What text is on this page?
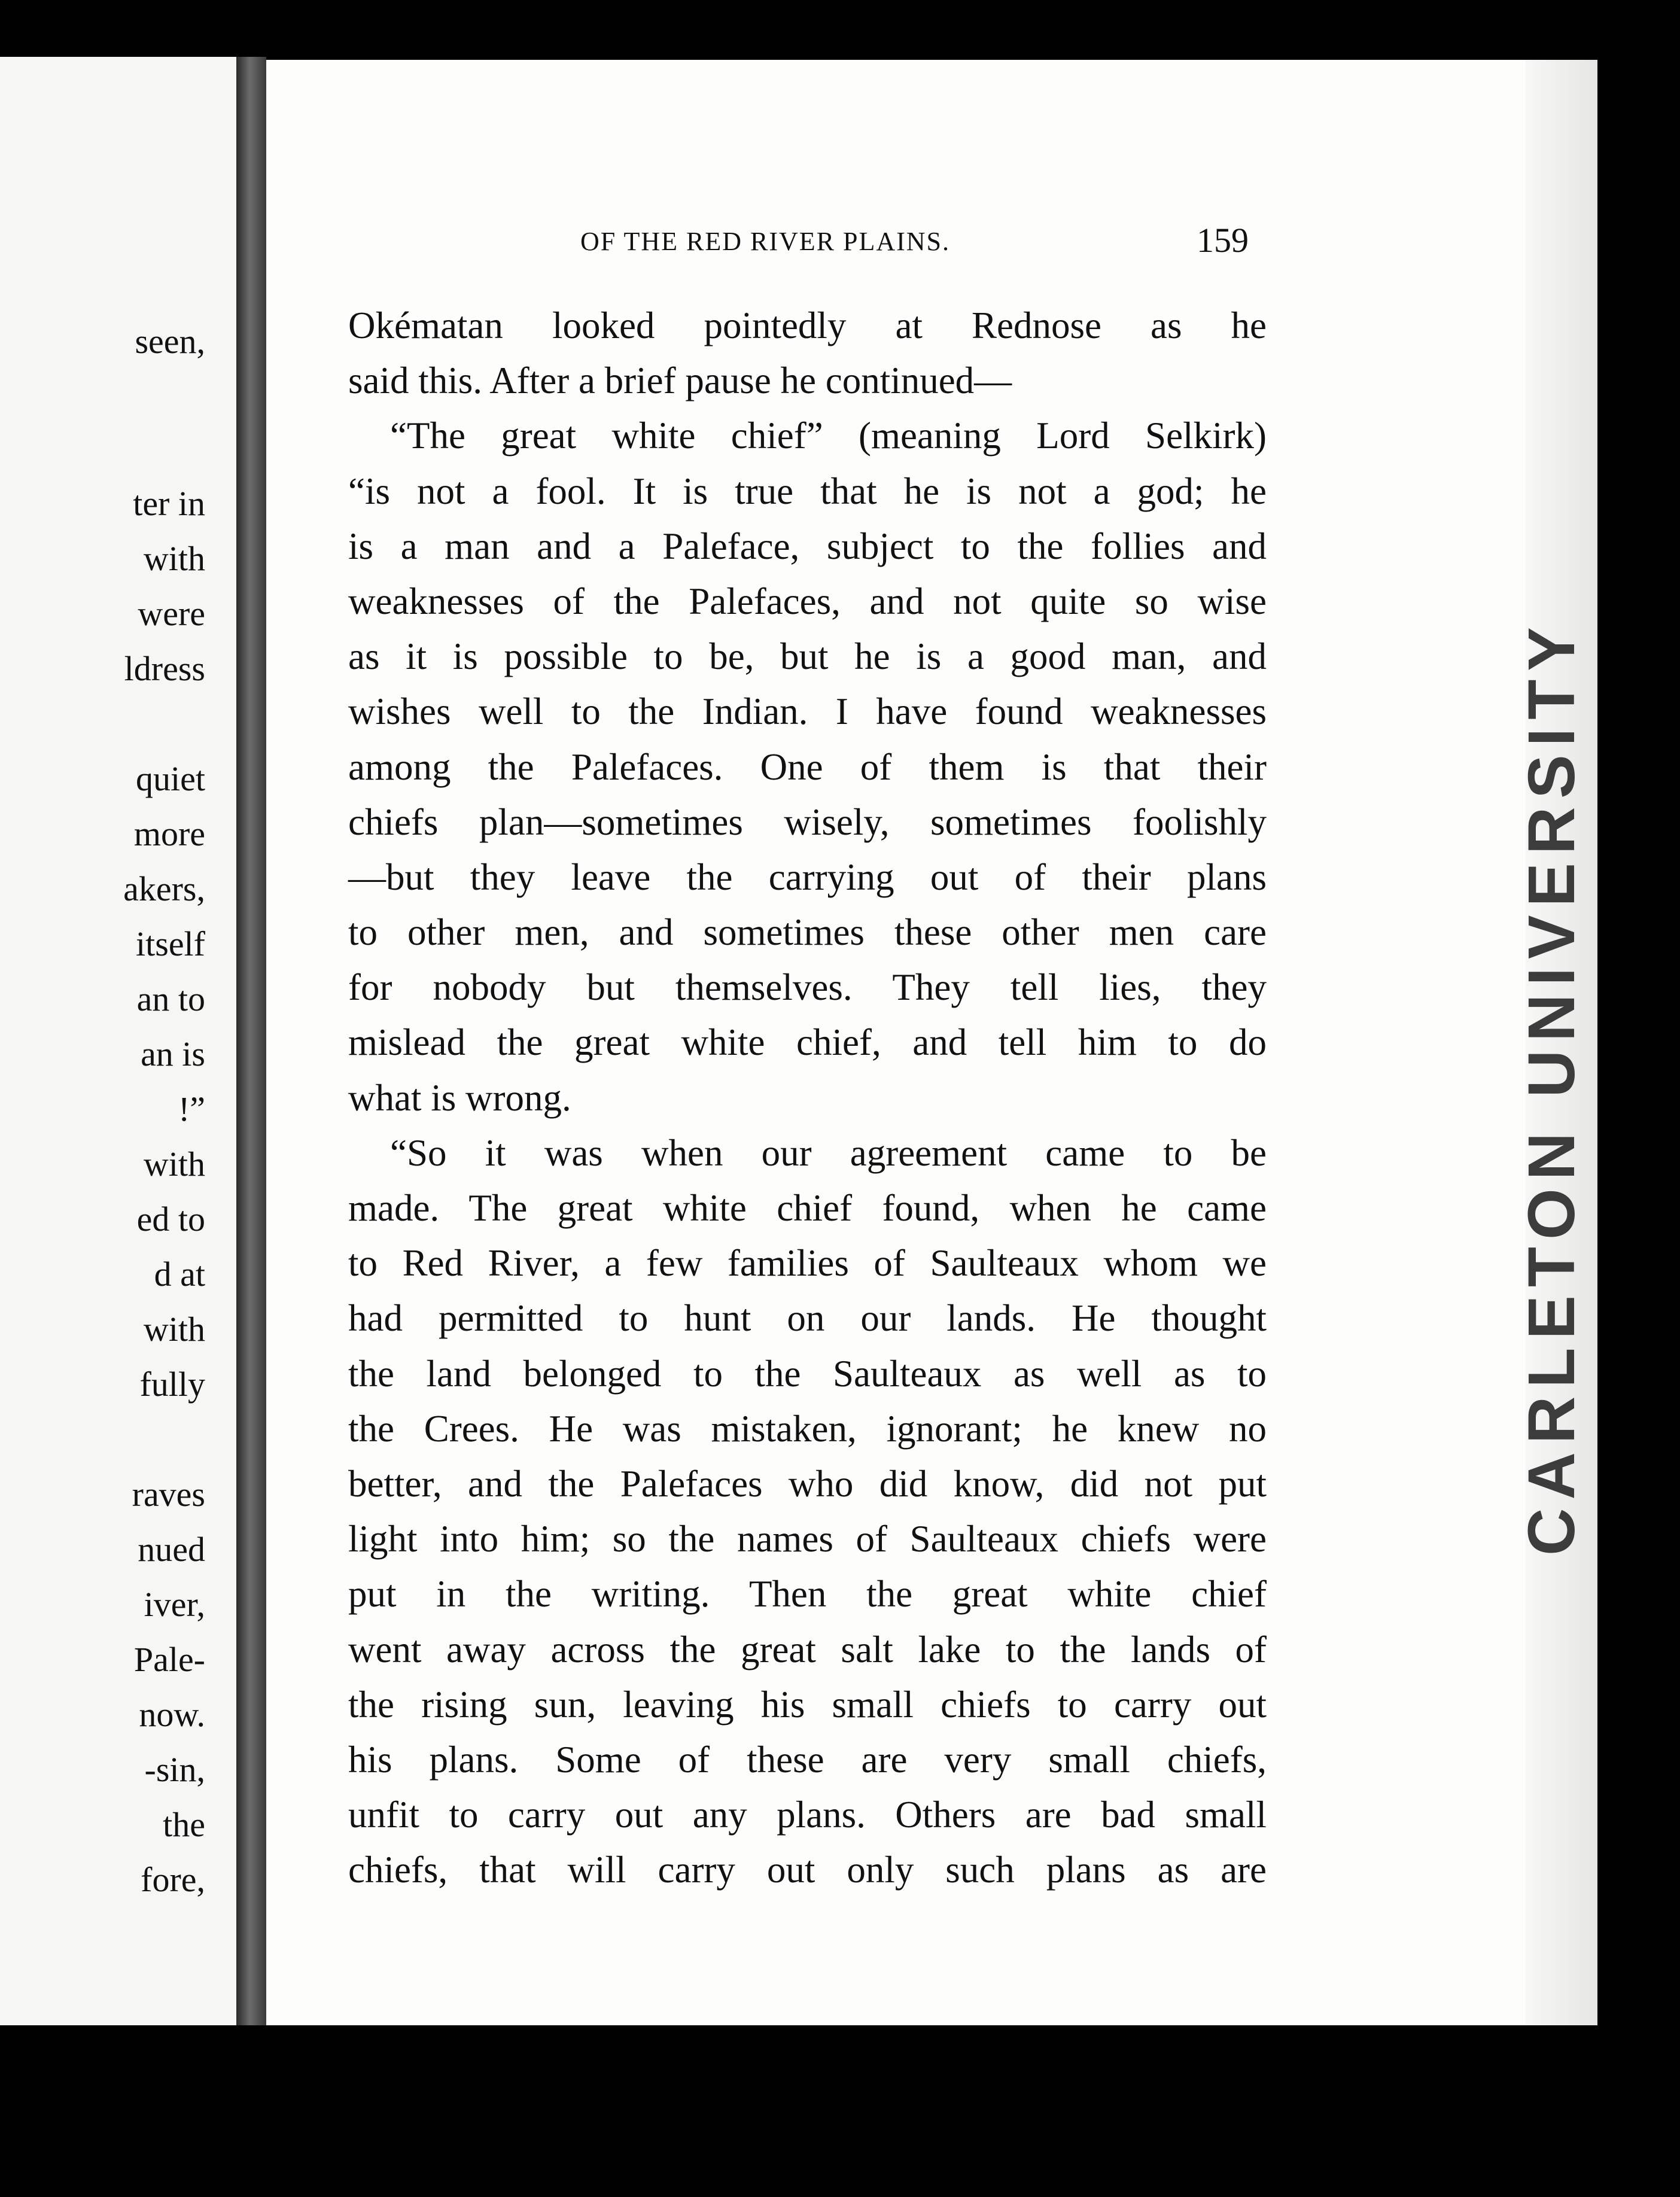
seen,
ter in
with
were
ldress
quiet
more
akers,
itself
an to
an is
!”
with
ed to
d at
with
fully
raves
nued
iver,
Pale-
now.
-sin,
the
fore,
OF THE RED RIVER PLAINS.	159
Okématan looked pointedly at Rednose as he
said this. After a brief pause he continued—
“The great white chief” (meaning Lord Selkirk)
“is not a fool. It is true that he is not a god; he
is a man and a Paleface, subject to the follies and
weaknesses of the Palefaces, and not quite so wise
as it is possible to be, but he is a good man, and
wishes well to the Indian. I have found weaknesses
among the Palefaces. One of them is that their
chiefs plan—sometimes wisely, sometimes foolishly
—but they leave the carrying out of their plans
to other men, and sometimes these other men care
for nobody but themselves. They tell lies, they
mislead the great white chief, and tell him to do
what is wrong.
“So it was when our agreement came to be
made. The great white chief found, when he came
to Red River, a few families of Saulteaux whom we
had permitted to hunt on our lands. He thought
the land belonged to the Saulteaux as well as to
the Crees. He was mistaken, ignorant; he knew no
better, and the Palefaces who did know, did not put
light into him; so the names of Saulteaux chiefs were
put in the writing. Then the great white chief
went away across the great salt lake to the lands of
the rising sun, leaving his small chiefs to carry out
his plans. Some of these are very small chiefs,
unfit to carry out any plans. Others are bad small
chiefs, that will carry out only such plans as are
